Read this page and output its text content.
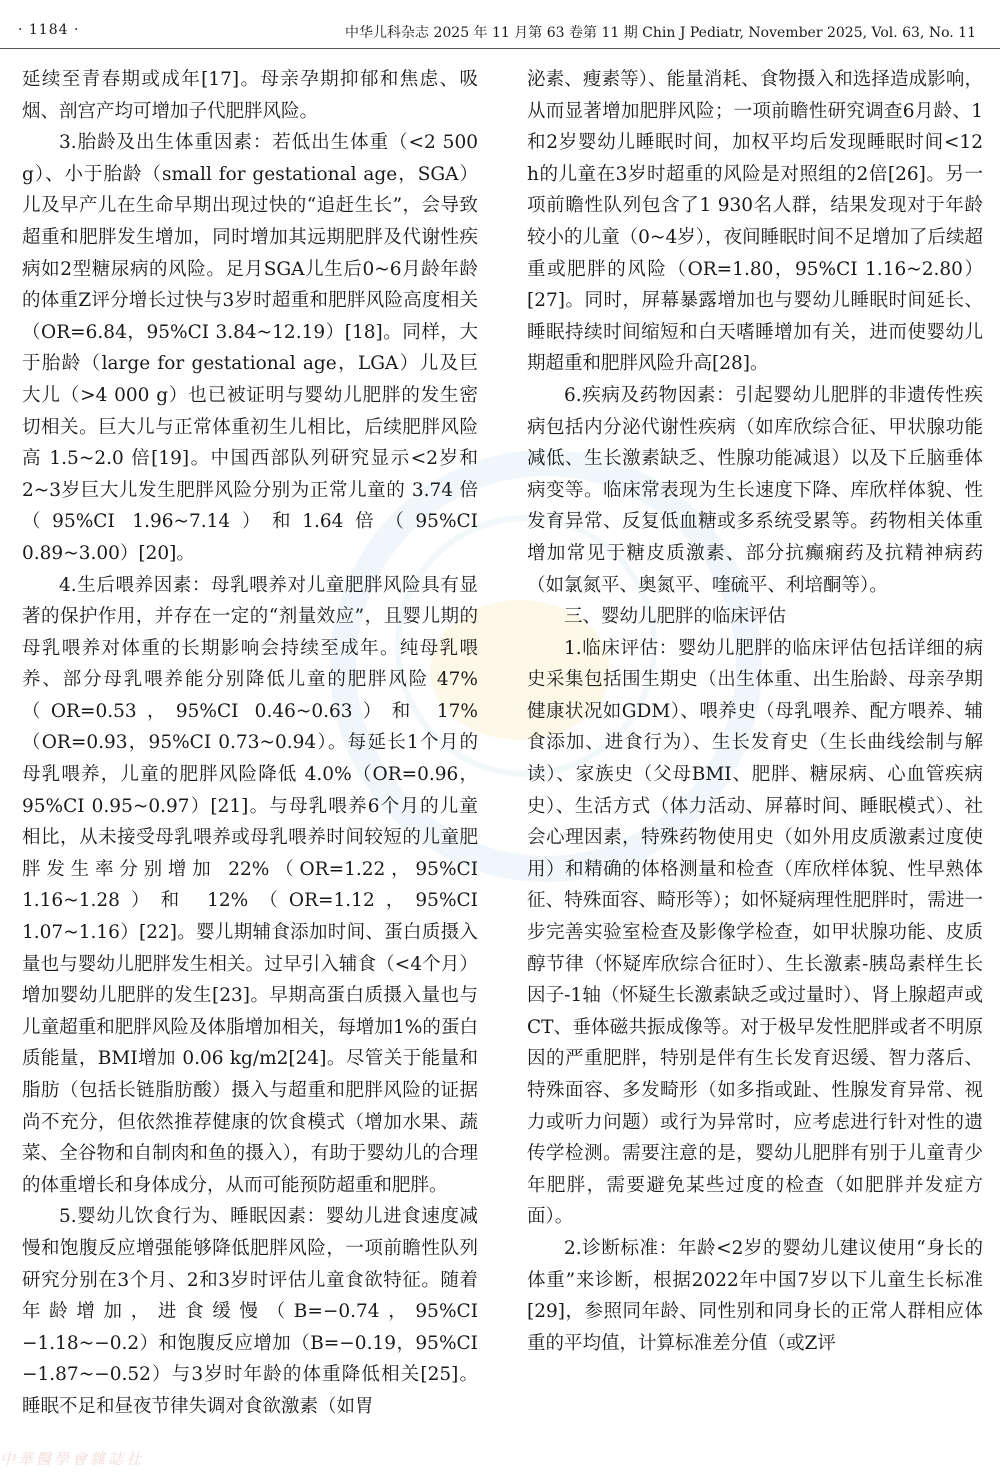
· 1184 ·	中华儿科杂志 2025 年 11 月第 63 卷第 11 期 Chin J Pediatr, November 2025, Vol. 63, No. 11

延续至青春期或成年[17]。母亲孕期抑郁和焦虑、吸烟、剖宫产均可增加子代肥胖风险。

3.胎龄及出生体重因素：若低出生体重（<2 500 g）、小于胎龄（small for gestational age，SGA）儿及早产儿在生命早期出现过快的“追赶生长”，会导致超重和肥胖发生增加，同时增加其远期肥胖及代谢性疾病如2型糖尿病的风险。足月SGA儿生后0~6月龄年龄的体重Z评分增长过快与3岁时超重和肥胖风险高度相关（OR=6.84，95%CI 3.84~12.19）[18]。同样，大于胎龄（large for gestational age，LGA）儿及巨大儿（>4 000 g）也已被证明与婴幼儿肥胖的发生密切相关。巨大儿与正常体重初生儿相比，后续肥胖风险高 1.5~2.0 倍[19]。中国西部队列研究显示<2岁和2~3岁巨大儿发生肥胖风险分别为正常儿童的 3.74 倍（95%CI 1.96~7.14）和1.64倍（95%CI 0.89~3.00）[20]。

4.生后喂养因素：母乳喂养对儿童肥胖风险具有显著的保护作用，并存在一定的“剂量效应”，且婴儿期的母乳喂养对体重的长期影响会持续至成年。纯母乳喂养、部分母乳喂养能分别降低儿童的肥胖风险 47%（OR=0.53，95%CI 0.46~0.63）和 17%（OR=0.93，95%CI 0.73~0.94）。每延长1个月的母乳喂养，儿童的肥胖风险降低 4.0%（OR=0.96，95%CI 0.95~0.97）[21]。与母乳喂养6个月的儿童相比，从未接受母乳喂养或母乳喂养时间较短的儿童肥胖发生率分别增加 22%（OR=1.22，95%CI 1.16~1.28）和 12%（OR=1.12，95%CI 1.07~1.16）[22]。婴儿期辅食添加时间、蛋白质摄入量也与婴幼儿肥胖发生相关。过早引入辅食（<4个月）增加婴幼儿肥胖的发生[23]。早期高蛋白质摄入量也与儿童超重和肥胖风险及体脂增加相关，每增加1%的蛋白质能量，BMI增加 0.06 kg/m2[24]。尽管关于能量和脂肪（包括长链脂肪酸）摄入与超重和肥胖风险的证据尚不充分，但依然推荐健康的饮食模式（增加水果、蔬菜、全谷物和自制肉和鱼的摄入），有助于婴幼儿的合理的体重增长和身体成分，从而可能预防超重和肥胖。

5.婴幼儿饮食行为、睡眠因素：婴幼儿进食速度减慢和饱腹反应增强能够降低肥胖风险，一项前瞻性队列研究分别在3个月、2和3岁时评估儿童食欲特征。随着年龄增加，进食缓慢（B=−0.74，95%CI −1.18~−0.2）和饱腹反应增加（B=−0.19，95%CI −1.87~−0.52）与3岁时年龄的体重降低相关[25]。睡眠不足和昼夜节律失调对食欲激素（如胃

泌素、瘦素等）、能量消耗、食物摄入和选择造成影响，从而显著增加肥胖风险；一项前瞻性研究调查6月龄、1和2岁婴幼儿睡眠时间，加权平均后发现睡眠时间<12 h的儿童在3岁时超重的风险是对照组的2倍[26]。另一项前瞻性队列包含了1 930名人群，结果发现对于年龄较小的儿童（0~4岁），夜间睡眠时间不足增加了后续超重或肥胖的风险（OR=1.80，95%CI 1.16~2.80）[27]。同时，屏幕暴露增加也与婴幼儿睡眠时间延长、睡眠持续时间缩短和白天嗜睡增加有关，进而使婴幼儿期超重和肥胖风险升高[28]。

6.疾病及药物因素：引起婴幼儿肥胖的非遗传性疾病包括内分泌代谢性疾病（如库欣综合征、甲状腺功能减低、生长激素缺乏、性腺功能减退）以及下丘脑垂体病变等。临床常表现为生长速度下降、库欣样体貌、性发育异常、反复低血糖或多系统受累等。药物相关体重增加常见于糖皮质激素、部分抗癫痫药及抗精神病药（如氯氮平、奥氮平、喹硫平、利培酮等）。

三、婴幼儿肥胖的临床评估

1.临床评估：婴幼儿肥胖的临床评估包括详细的病史采集包括围生期史（出生体重、出生胎龄、母亲孕期健康状况如GDM）、喂养史（母乳喂养、配方喂养、辅食添加、进食行为）、生长发育史（生长曲线绘制与解读）、家族史（父母BMI、肥胖、糖尿病、心血管疾病史）、生活方式（体力活动、屏幕时间、睡眠模式）、社会心理因素，特殊药物使用史（如外用皮质激素过度使用）和精确的体格测量和检查（库欣样体貌、性早熟体征、特殊面容、畸形等）；如怀疑病理性肥胖时，需进一步完善实验室检查及影像学检查，如甲状腺功能、皮质醇节律（怀疑库欣综合征时）、生长激素-胰岛素样生长因子-1轴（怀疑生长激素缺乏或过量时）、肾上腺超声或CT、垂体磁共振成像等。对于极早发性肥胖或者不明原因的严重肥胖，特别是伴有生长发育迟缓、智力落后、特殊面容、多发畸形（如多指或趾、性腺发育异常、视力或听力问题）或行为异常时，应考虑进行针对性的遗传学检测。需要注意的是，婴幼儿肥胖有别于儿童青少年肥胖，需要避免某些过度的检查（如肥胖并发症方面）。

2.诊断标准：年龄<2岁的婴幼儿建议使用“身长的体重”来诊断，根据2022年中国7岁以下儿童生长标准[29]，参照同年龄、同性别和同身长的正常人群相应体重的平均值，计算标准差分值（或Z评

中華醫學會雜誌社
